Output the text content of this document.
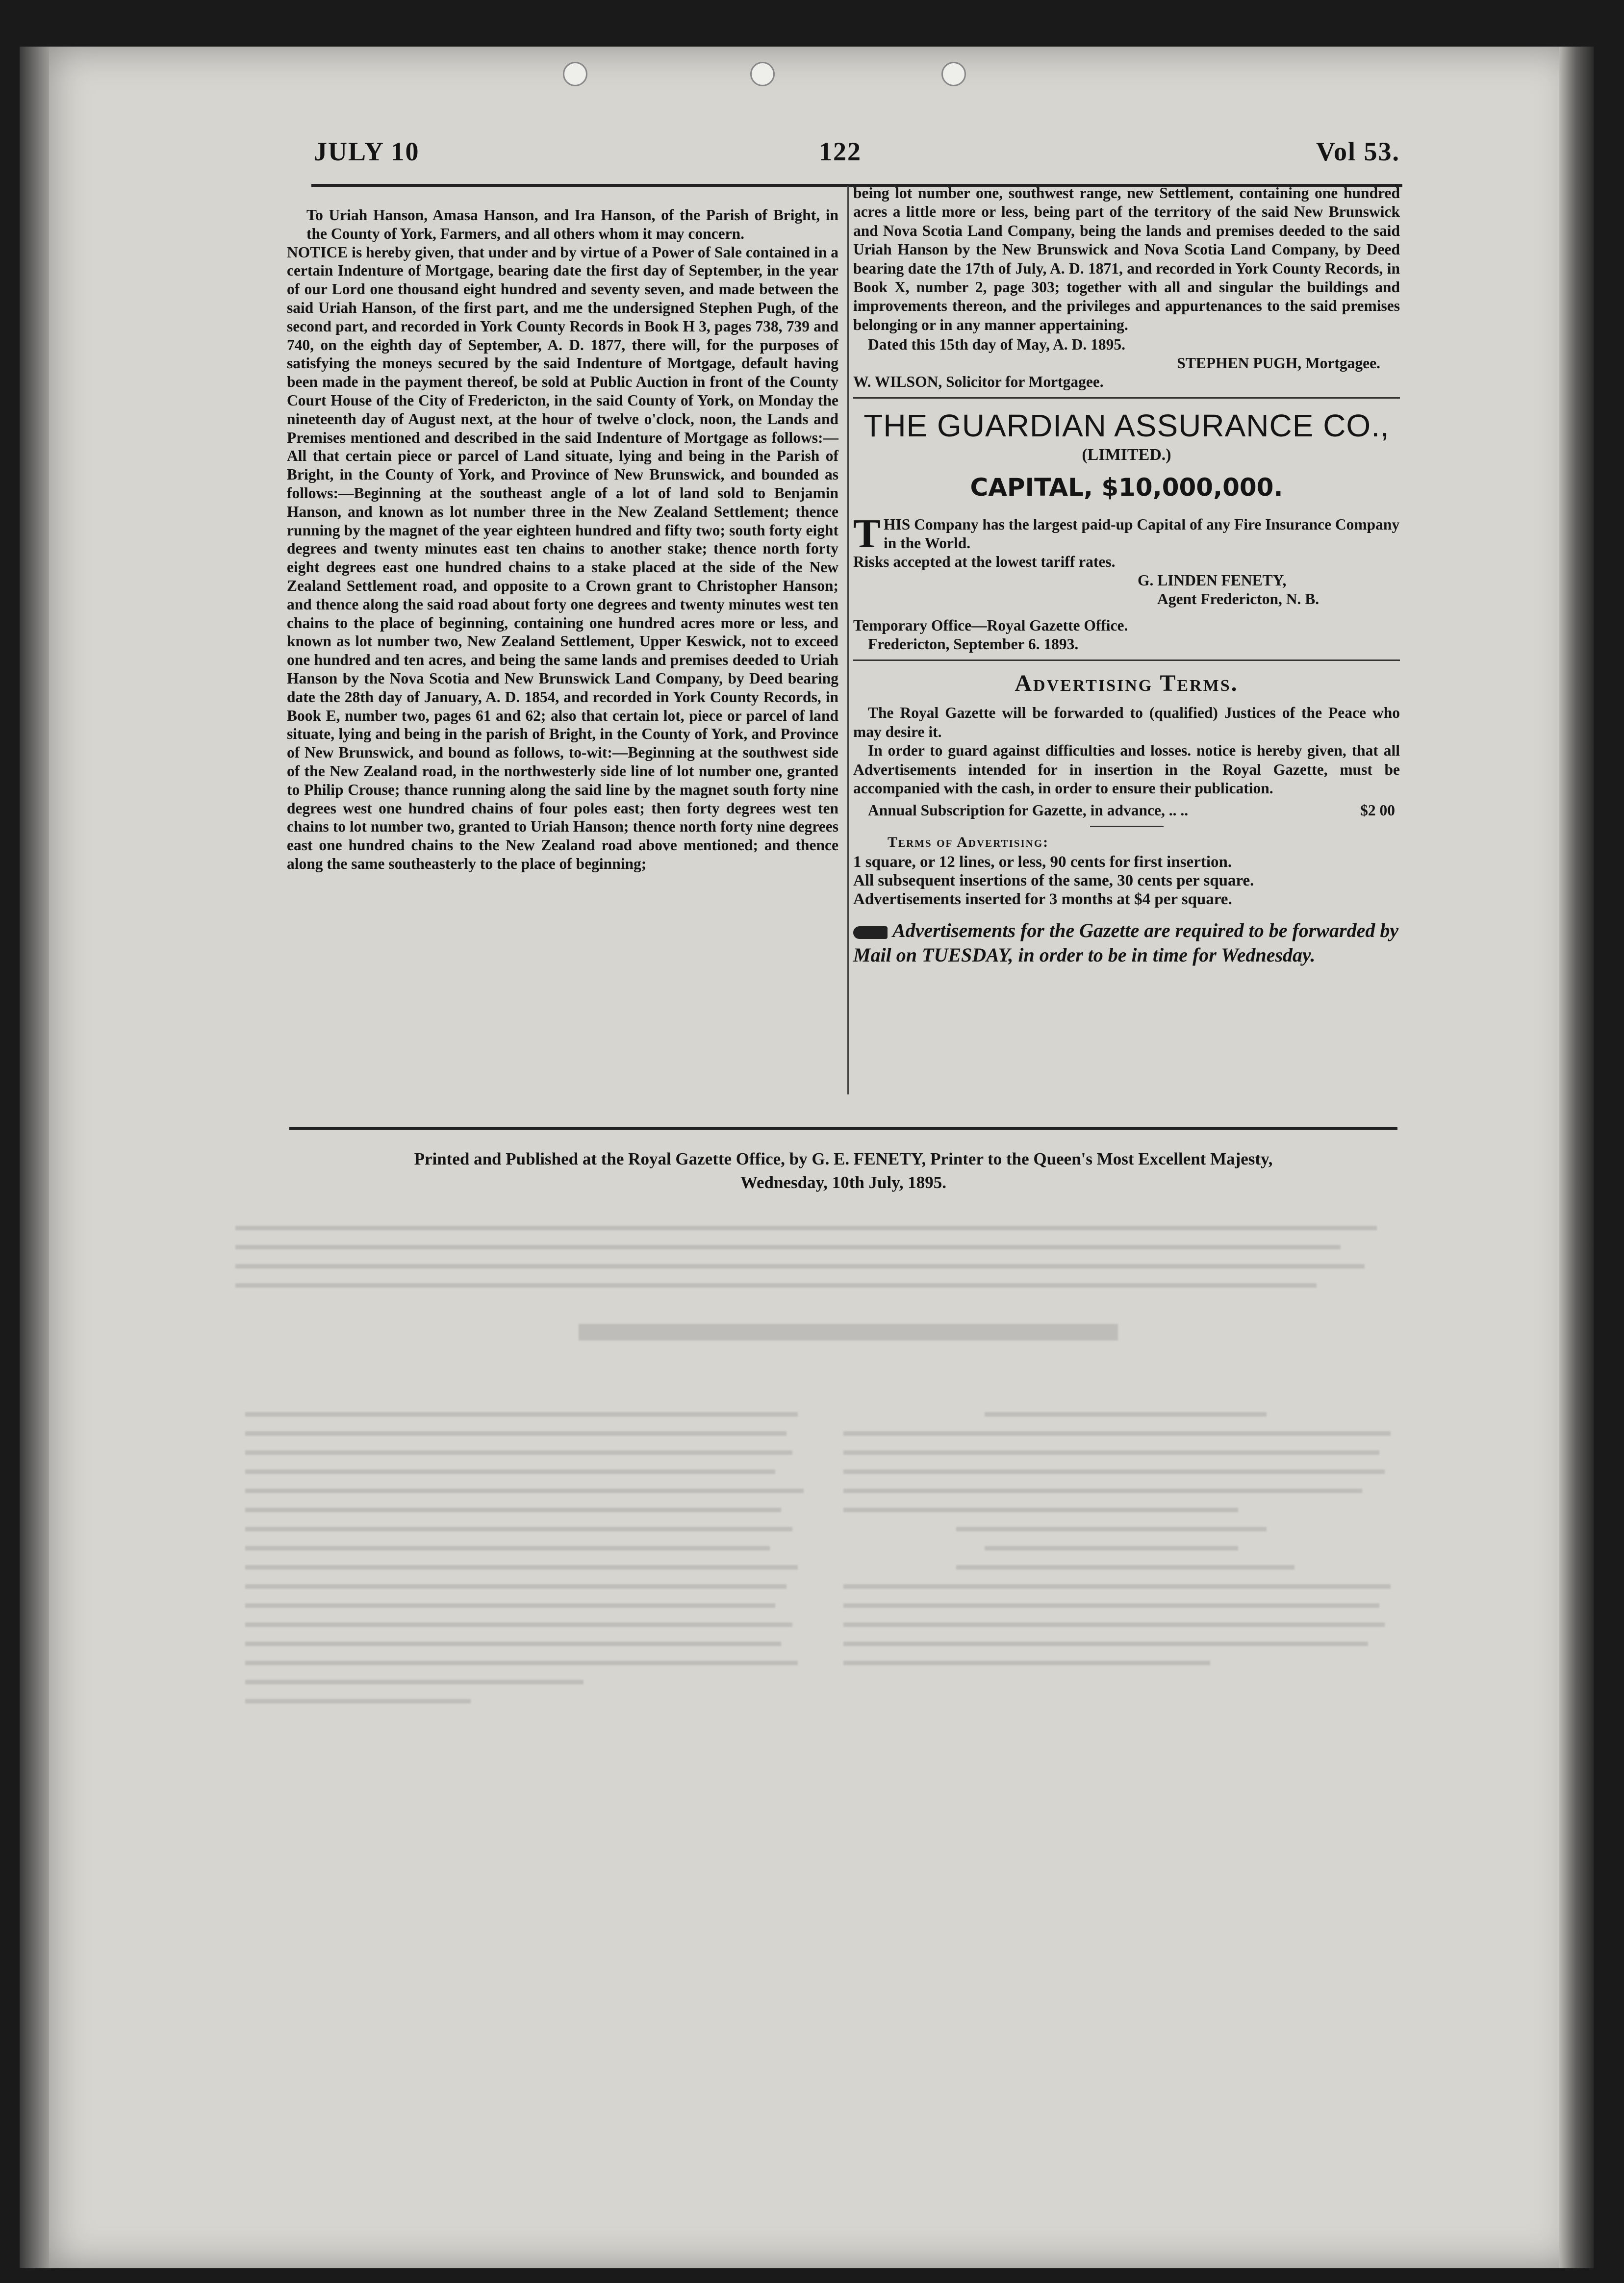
JULY 10	122	Vol 53.

To Uriah Hanson, Amasa Hanson, and Ira Hanson, of the Parish of Bright, in the County of York, Farmers, and all others whom it may concern.

NOTICE is hereby given, that under and by virtue of a Power of Sale contained in a certain Indenture of Mortgage, bearing date the first day of September, in the year of our Lord one thousand eight hundred and seventy seven, and made between the said Uriah Hanson, of the first part, and me the undersigned Stephen Pugh, of the second part, and recorded in York County Records in Book H 3, pages 738, 739 and 740, on the eighth day of September, A. D. 1877, there will, for the purposes of satisfying the moneys secured by the said Indenture of Mortgage, default having been made in the payment thereof, be sold at Public Auction in front of the County Court House of the City of Fredericton, in the said County of York, on Monday the nineteenth day of August next, at the hour of twelve o'clock, noon, the Lands and Premises mentioned and described in the said Indenture of Mortgage as follows:—All that certain piece or parcel of Land situate, lying and being in the Parish of Bright, in the County of York, and Province of New Brunswick, and bounded as follows:—Beginning at the southeast angle of a lot of land sold to Benjamin Hanson, and known as lot number three in the New Zealand Settlement; thence running by the magnet of the year eighteen hundred and fifty two; south forty eight degrees and twenty minutes east ten chains to another stake; thence north forty eight degrees east one hundred chains to a stake placed at the side of the New Zealand Settlement road, and opposite to a Crown grant to Christopher Hanson; and thence along the said road about forty one degrees and twenty minutes west ten chains to the place of beginning, containing one hundred acres more or less, and known as lot number two, New Zealand Settlement, Upper Keswick, not to exceed one hundred and ten acres, and being the same lands and premises deeded to Uriah Hanson by the Nova Scotia and New Brunswick Land Company, by Deed bearing date the 28th day of January, A. D. 1854, and recorded in York County Records, in Book E, number two, pages 61 and 62; also that certain lot, piece or parcel of land situate, lying and being in the parish of Bright, in the County of York, and Province of New Brunswick, and bound as follows, to-wit:—Beginning at the southwest side of the New Zealand road, in the northwesterly side line of lot number one, granted to Philip Crouse; thance running along the said line by the magnet south forty nine degrees west one hundred chains of four poles east; then forty degrees west ten chains to lot number two, granted to Uriah Hanson; thence north forty nine degrees east one hundred chains to the New Zealand road above mentioned; and thence along the same southeasterly to the place of beginning;

being lot number one, southwest range, new Settlement, containing one hundred acres a little more or less, being part of the territory of the said New Brunswick and Nova Scotia Land Company, being the lands and premises deeded to the said Uriah Hanson by the New Brunswick and Nova Scotia Land Company, by Deed bearing date the 17th of July, A. D. 1871, and recorded in York County Records, in Book X, number 2, page 303; together with all and singular the buildings and improvements thereon, and the privileges and appurtenances to the said premises belonging or in any manner appertaining.

Dated this 15th day of May, A. D. 1895.

STEPHEN PUGH, Mortgagee.

W. WILSON, Solicitor for Mortgagee.

THE GUARDIAN ASSURANCE CO.,

(LIMITED.)

CAPITAL, $10,000,000.

THIS Company has the largest paid-up Capital of any Fire Insurance Company in the World.

Risks accepted at the lowest tariff rates.

G. LINDEN FENETY,

Agent Fredericton, N. B.

Temporary Office—Royal Gazette Office.

Fredericton, September 6. 1893.

Advertising Terms.

The Royal Gazette will be forwarded to (qualified) Justices of the Peace who may desire it.

In order to guard against difficulties and losses. notice is hereby given, that all Advertisements intended for in insertion in the Royal Gazette, must be accompanied with the cash, in order to ensure their publication.

$2 00
Annual Subscription for Gazette, in advance, .. ..

Terms of Advertising:

1 square, or 12 lines, or less, 90 cents for first insertion.

All subsequent insertions of the same, 30 cents per square.

Advertisements inserted for 3 months at $4 per square.

Advertisements for the Gazette are required to be forwarded by Mail on TUESDAY, in order to be in time for Wednesday.

Printed and Published at the Royal Gazette Office, by G. E. FENETY, Printer to the Queen's Most Excellent Majesty,
Wednesday, 10th July, 1895.
